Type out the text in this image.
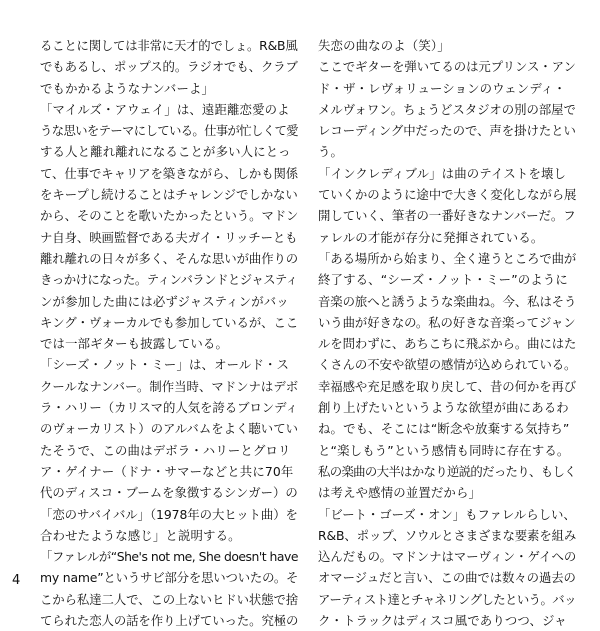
ることに関しては非常に天才的でしょ。R&B風
でもあるし、ポップス的。ラジオでも、クラブ
でもかかるようなナンバーよ」
「マイルズ・アウェイ」は、遠距離恋愛のよ
うな思いをテーマにしている。仕事が忙しくて愛
する人と離れ離れになることが多い人にとっ
て、仕事でキャリアを築きながら、しかも関係
をキープし続けることはチャレンジでしかない
から、そのことを歌いたかったという。マドン
ナ自身、映画監督である夫ガイ・リッチーとも
離れ離れの日々が多く、そんな思いが曲作りの
きっかけになった。ティンバランドとジャスティ
ンが参加した曲には必ずジャスティンがバッ
キング・ヴォーカルでも参加しているが、ここ
では一部ギターも披露している。
「シーズ・ノット・ミー」は、オールド・ス
クールなナンバー。制作当時、マドンナはデボ
ラ・ハリー（カリスマ的人気を誇るブロンディ
のヴォーカリスト）のアルバムをよく聴いてい
たそうで、この曲はデボラ・ハリーとグロリ
ア・ゲイナー（ドナ・サマーなどと共に70年
代のディスコ・ブームを象徴するシンガー）の
「恋のサバイバル」（1978年の大ヒット曲）を
合わせたような感じ」と説明する。
「ファレルが“She's not me, She doesn't have
my name”というサビ部分を思いついたの。そ
こから私達二人で、この上ないヒドい状態で捨
てられた恋人の話を作り上げていった。究極の
失恋の曲なのよ（笑）」
ここでギターを弾いてるのは元プリンス・アン
ド・ザ・レヴォリューションのウェンディ・
メルヴォワン。ちょうどスタジオの別の部屋で
レコーディング中だったので、声を掛けたとい
う。
「インクレディブル」は曲のテイストを壊し
ていくかのように途中で大きく変化しながら展
開していく、筆者の一番好きなナンバーだ。フ
ァレルの才能が存分に発揮されている。
「ある場所から始まり、全く違うところで曲が
終了する、“シーズ・ノット・ミー”のように
音楽の旅へと誘うような楽曲ね。今、私はそう
いう曲が好きなの。私の好きな音楽ってジャン
ルを問わずに、あちこちに飛ぶから。曲にはた
くさんの不安や欲望の感情が込められている。
幸福感や充足感を取り戻して、昔の何かを再び
創り上げたいというような欲望が曲にあるわ
ね。でも、そこには“断念や放棄する気持ち”
と“楽しもう”という感情も同時に存在する。
私の楽曲の大半はかなり逆説的だったり、もしく
は考えや感情の並置だから」
「ビート・ゴーズ・オン」もファレルらしい、
R&B、ポップ、ソウルとさまざまな要素を組み
込んだもの。マドンナはマーヴィン・ゲイへの
オマージュだと言い、この曲では数々の過去の
アーティスト達とチャネリングしたという。バッ
ク・トラックはディスコ風でありつつ、ジャ
4
